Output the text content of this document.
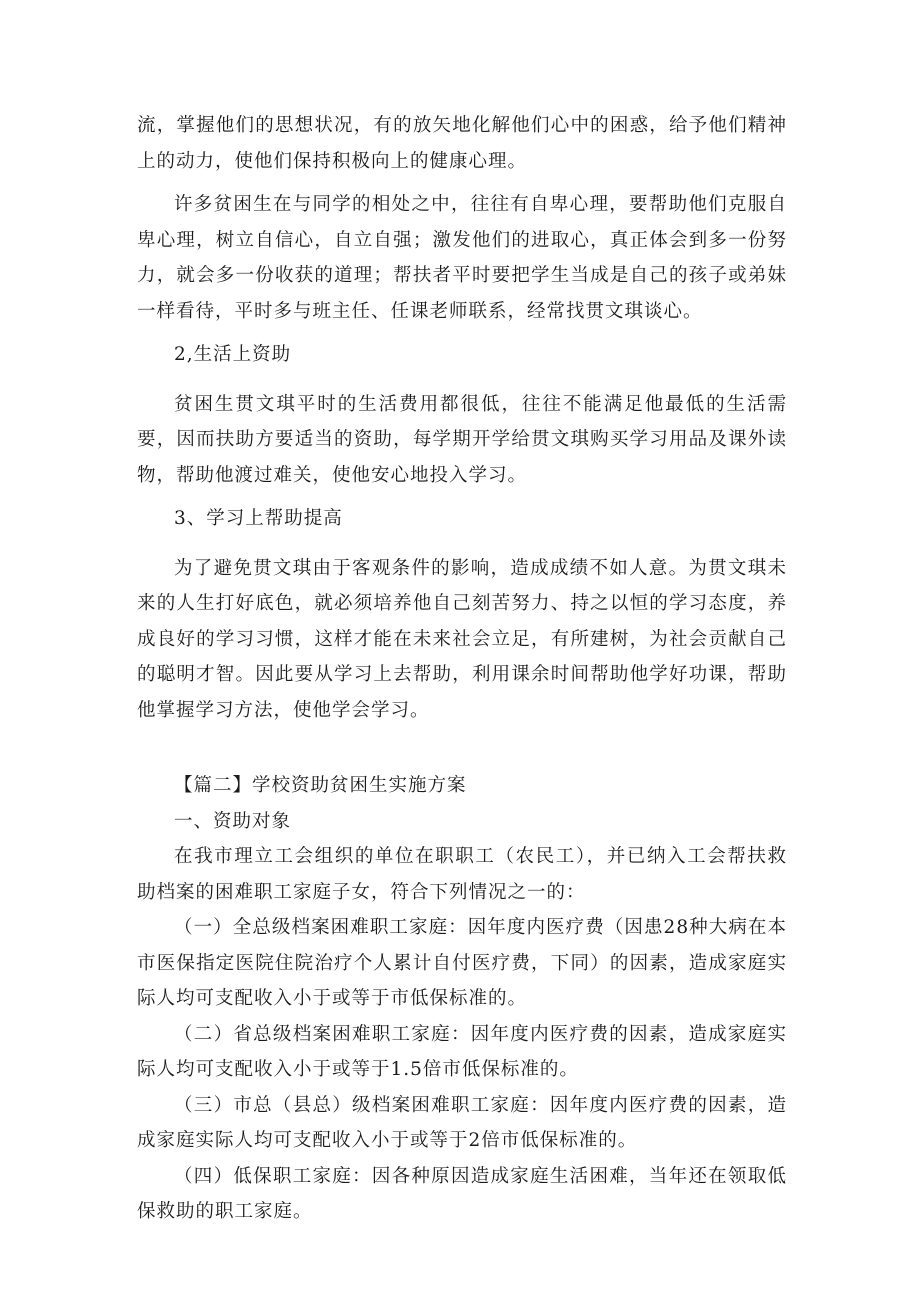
流，掌握他们的思想状况，有的放矢地化解他们心中的困惑，给予他们精神上的动力，使他们保持积极向上的健康心理。

许多贫困生在与同学的相处之中，往往有自卑心理，要帮助他们克服自卑心理，树立自信心，自立自强；激发他们的进取心，真正体会到多一份努力，就会多一份收获的道理；帮扶者平时要把学生当成是自己的孩子或弟妹一样看待，平时多与班主任、任课老师联系，经常找贯文琪谈心。

2,生活上资助

贫困生贯文琪平时的生活费用都很低，往往不能满足他最低的生活需要，因而扶助方要适当的资助，每学期开学给贯文琪购买学习用品及课外读物，帮助他渡过难关，使他安心地投入学习。

3、学习上帮助提高

为了避免贯文琪由于客观条件的影响，造成成绩不如人意。为贯文琪未来的人生打好底色，就必须培养他自己刻苦努力、持之以恒的学习态度，养成良好的学习习惯，这样才能在未来社会立足，有所建树，为社会贡献自己的聪明才智。因此要从学习上去帮助，利用课余时间帮助他学好功课，帮助他掌握学习方法，使他学会学习。

【篇二】学校资助贫困生实施方案

一、资助对象

在我市理立工会组织的单位在职职工（农民工），并已纳入工会帮扶救助档案的困难职工家庭子女，符合下列情况之一的：

（一）全总级档案困难职工家庭：因年度内医疗费（因患28种大病在本市医保指定医院住院治疗个人累计自付医疗费，下同）的因素，造成家庭实际人均可支配收入小于或等于市低保标准的。

（二）省总级档案困难职工家庭：因年度内医疗费的因素，造成家庭实际人均可支配收入小于或等于1.5倍市低保标准的。

（三）市总（县总）级档案困难职工家庭：因年度内医疗费的因素，造成家庭实际人均可支配收入小于或等于2倍市低保标准的。

（四）低保职工家庭：因各种原因造成家庭生活困难，当年还在领取低保救助的职工家庭。
